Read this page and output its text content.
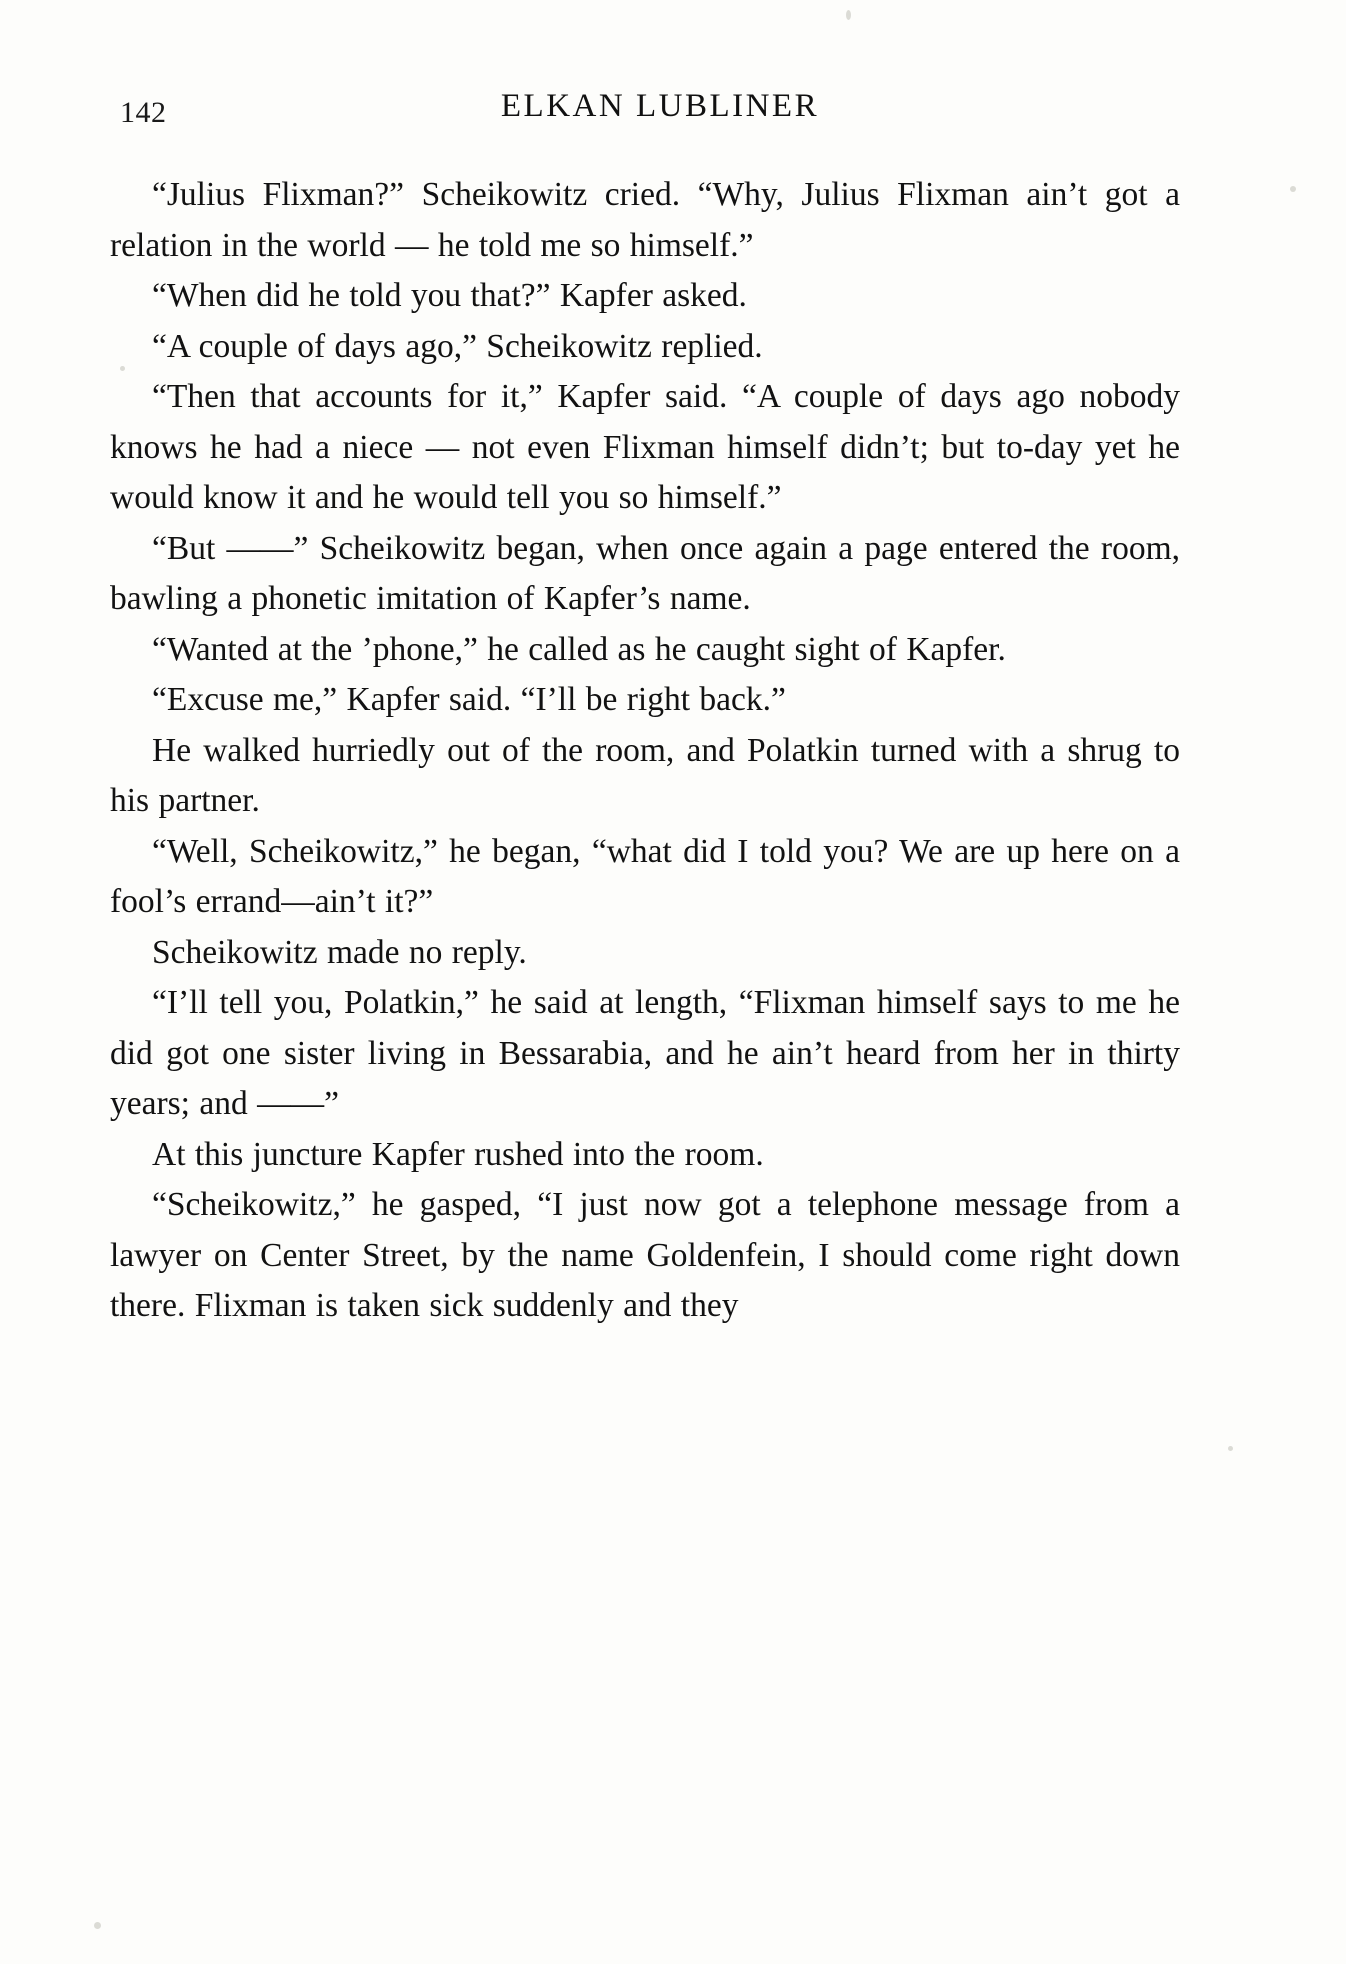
142	ELKAN LUBLINER

“Julius Flixman?” Scheikowitz cried. “Why, Julius Flixman ain’t got a relation in the world — he told me so himself.”

“When did he told you that?” Kapfer asked.

“A couple of days ago,” Scheikowitz replied.

“Then that accounts for it,” Kapfer said. “A couple of days ago nobody knows he had a niece — not even Flixman himself didn’t; but to-day yet he would know it and he would tell you so himself.”

“But ——” Scheikowitz began, when once again a page entered the room, bawling a phonetic imitation of Kapfer’s name.

“Wanted at the ’phone,” he called as he caught sight of Kapfer.

“Excuse me,” Kapfer said. “I’ll be right back.”

He walked hurriedly out of the room, and Polatkin turned with a shrug to his partner.

“Well, Scheikowitz,” he began, “what did I told you? We are up here on a fool’s errand—ain’t it?”

Scheikowitz made no reply.

“I’ll tell you, Polatkin,” he said at length, “Flixman himself says to me he did got one sister living in Bessarabia, and he ain’t heard from her in thirty years; and ——”

At this juncture Kapfer rushed into the room.

“Scheikowitz,” he gasped, “I just now got a telephone message from a lawyer on Center Street, by the name Goldenfein, I should come right down there. Flixman is taken sick suddenly and they
